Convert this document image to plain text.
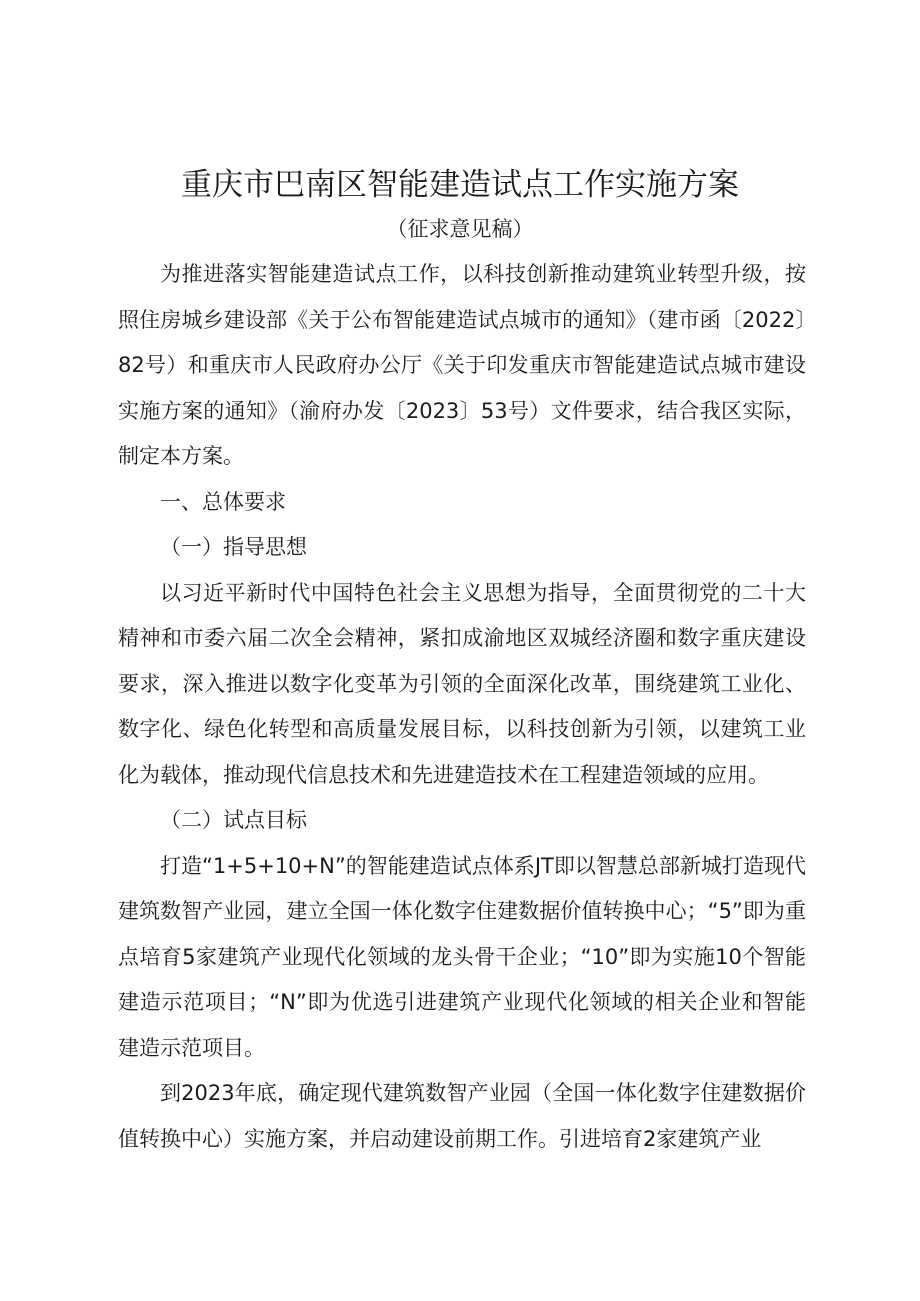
重庆市巴南区智能建造试点工作实施方案
（征求意见稿）

为推进落实智能建造试点工作，以科技创新推动建筑业转型升级，按照住房城乡建设部《关于公布智能建造试点城市的通知》（建市函〔2022〕82号）和重庆市人民政府办公厅《关于印发重庆市智能建造试点城市建设实施方案的通知》（渝府办发〔2023〕53号）文件要求，结合我区实际，制定本方案。

一、总体要求

（一）指导思想

以习近平新时代中国特色社会主义思想为指导，全面贯彻党的二十大精神和市委六届二次全会精神，紧扣成渝地区双城经济圈和数字重庆建设要求，深入推进以数字化变革为引领的全面深化改革，围绕建筑工业化、数字化、绿色化转型和高质量发展目标，以科技创新为引领，以建筑工业化为载体，推动现代信息技术和先进建造技术在工程建造领域的应用。

（二）试点目标

打造“1+5+10+N”的智能建造试点体系JT即以智慧总部新城打造现代建筑数智产业园，建立全国一体化数字住建数据价值转换中心；“5”即为重点培育5家建筑产业现代化领域的龙头骨干企业；“10”即为实施10个智能建造示范项目；“N”即为优选引进建筑产业现代化领域的相关企业和智能建造示范项目。

到2023年底，确定现代建筑数智产业园（全国一体化数字住建数据价值转换中心）实施方案，并启动建设前期工作。引进培育2家建筑产业
